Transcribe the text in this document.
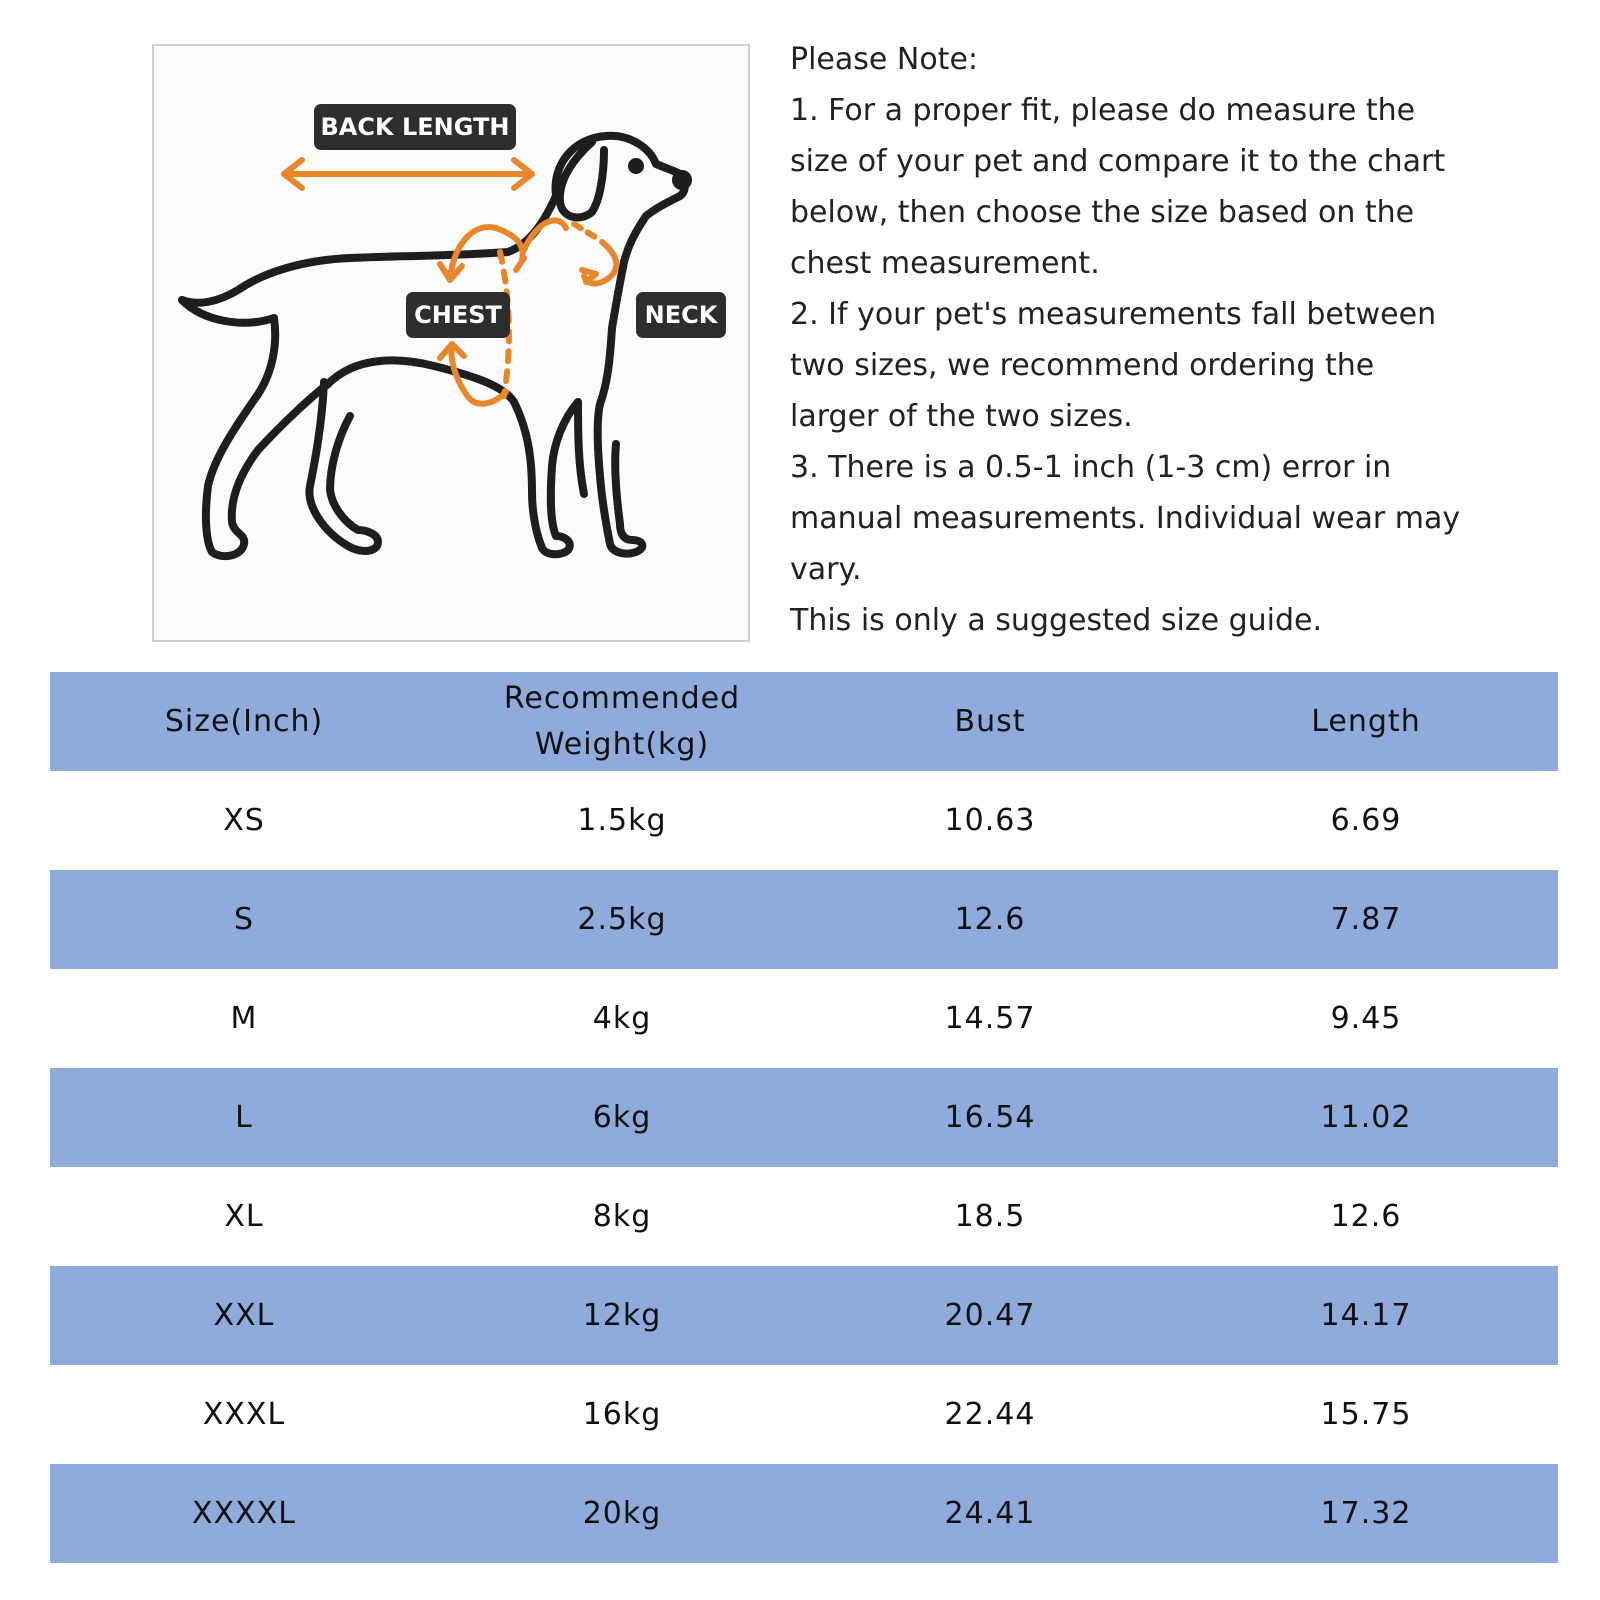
BACK LENGTH
CHEST	NECK

Please Note:

1. For a proper fit, please do measure the size of your pet and compare it to the chart below, then choose the size based on the chest measurement.

2. If your pet's measurements fall between two sizes, we recommend ordering the larger of the two sizes.

3. There is a 0.5-1 inch (1-3 cm) error in manual measurements. Individual wear may vary.

This is only a suggested size guide.

Size(Inch)	Recommended Weight(kg)	Bust	Length
XS	1.5kg	10.63	6.69
S	2.5kg	12.6	7.87
M	4kg	14.57	9.45
L	6kg	16.54	11.02
XL	8kg	18.5	12.6
XXL	12kg	20.47	14.17
XXXL	16kg	22.44	15.75
XXXXL	20kg	24.41	17.32
